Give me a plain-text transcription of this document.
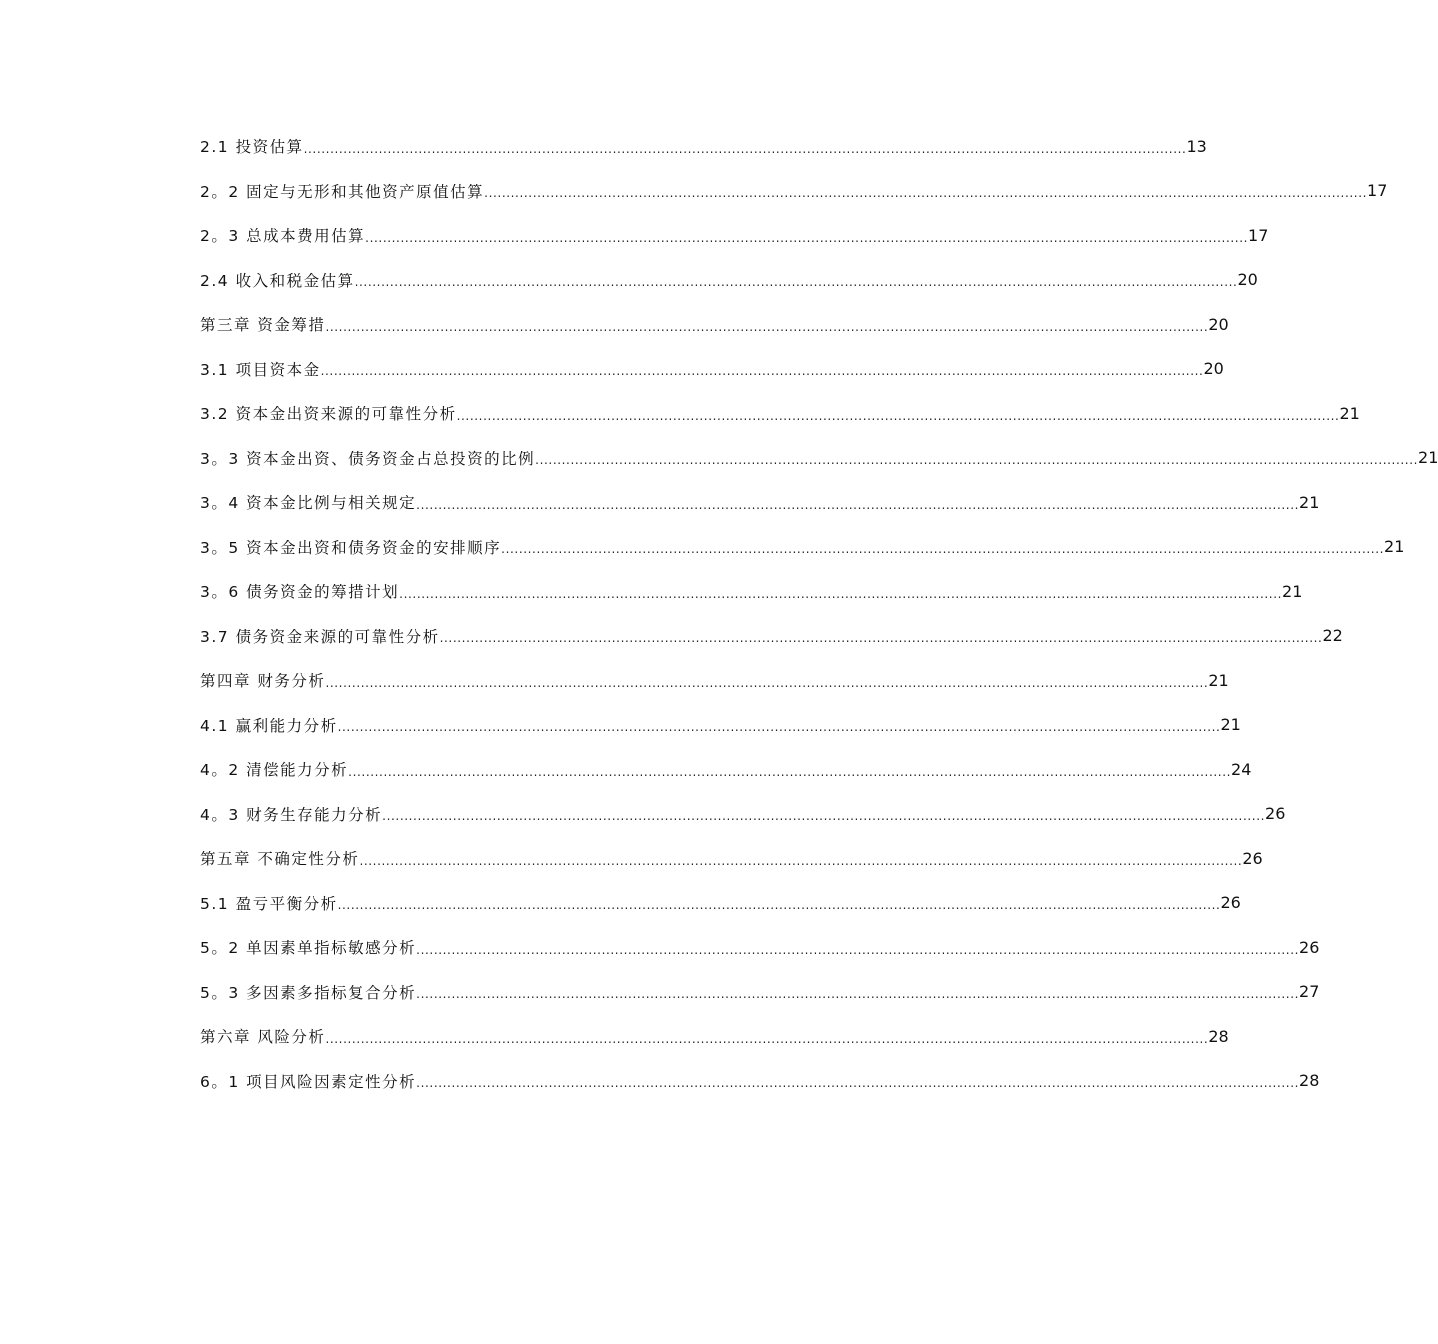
2.1 投资估算 ........................................................................................................................................................................................................ 13
2。2 固定与无形和其他资产原值估算 ........................................................................................................................................................................................................ 17
2。3 总成本费用估算 ........................................................................................................................................................................................................ 17
2.4 收入和税金估算 ........................................................................................................................................................................................................ 20
第三章 资金筹措 ........................................................................................................................................................................................................ 20
3.1 项目资本金 ........................................................................................................................................................................................................ 20
3.2 资本金出资来源的可靠性分析 ........................................................................................................................................................................................................ 21
3。3 资本金出资、债务资金占总投资的比例 ........................................................................................................................................................................................................ 21
3。4 资本金比例与相关规定 ........................................................................................................................................................................................................ 21
3。5 资本金出资和债务资金的安排顺序 ........................................................................................................................................................................................................ 21
3。6 债务资金的筹措计划 ........................................................................................................................................................................................................ 21
3.7 债务资金来源的可靠性分析 ........................................................................................................................................................................................................ 22
第四章 财务分析 ........................................................................................................................................................................................................ 21
4.1 赢利能力分析 ........................................................................................................................................................................................................ 21
4。2 清偿能力分析 ........................................................................................................................................................................................................ 24
4。3 财务生存能力分析 ........................................................................................................................................................................................................ 26
第五章 不确定性分析 ........................................................................................................................................................................................................ 26
5.1 盈亏平衡分析 ........................................................................................................................................................................................................ 26
5。2 单因素单指标敏感分析 ........................................................................................................................................................................................................ 26
5。3 多因素多指标复合分析 ........................................................................................................................................................................................................ 27
第六章 风险分析 ........................................................................................................................................................................................................ 28
6。1 项目风险因素定性分析 ........................................................................................................................................................................................................ 28
